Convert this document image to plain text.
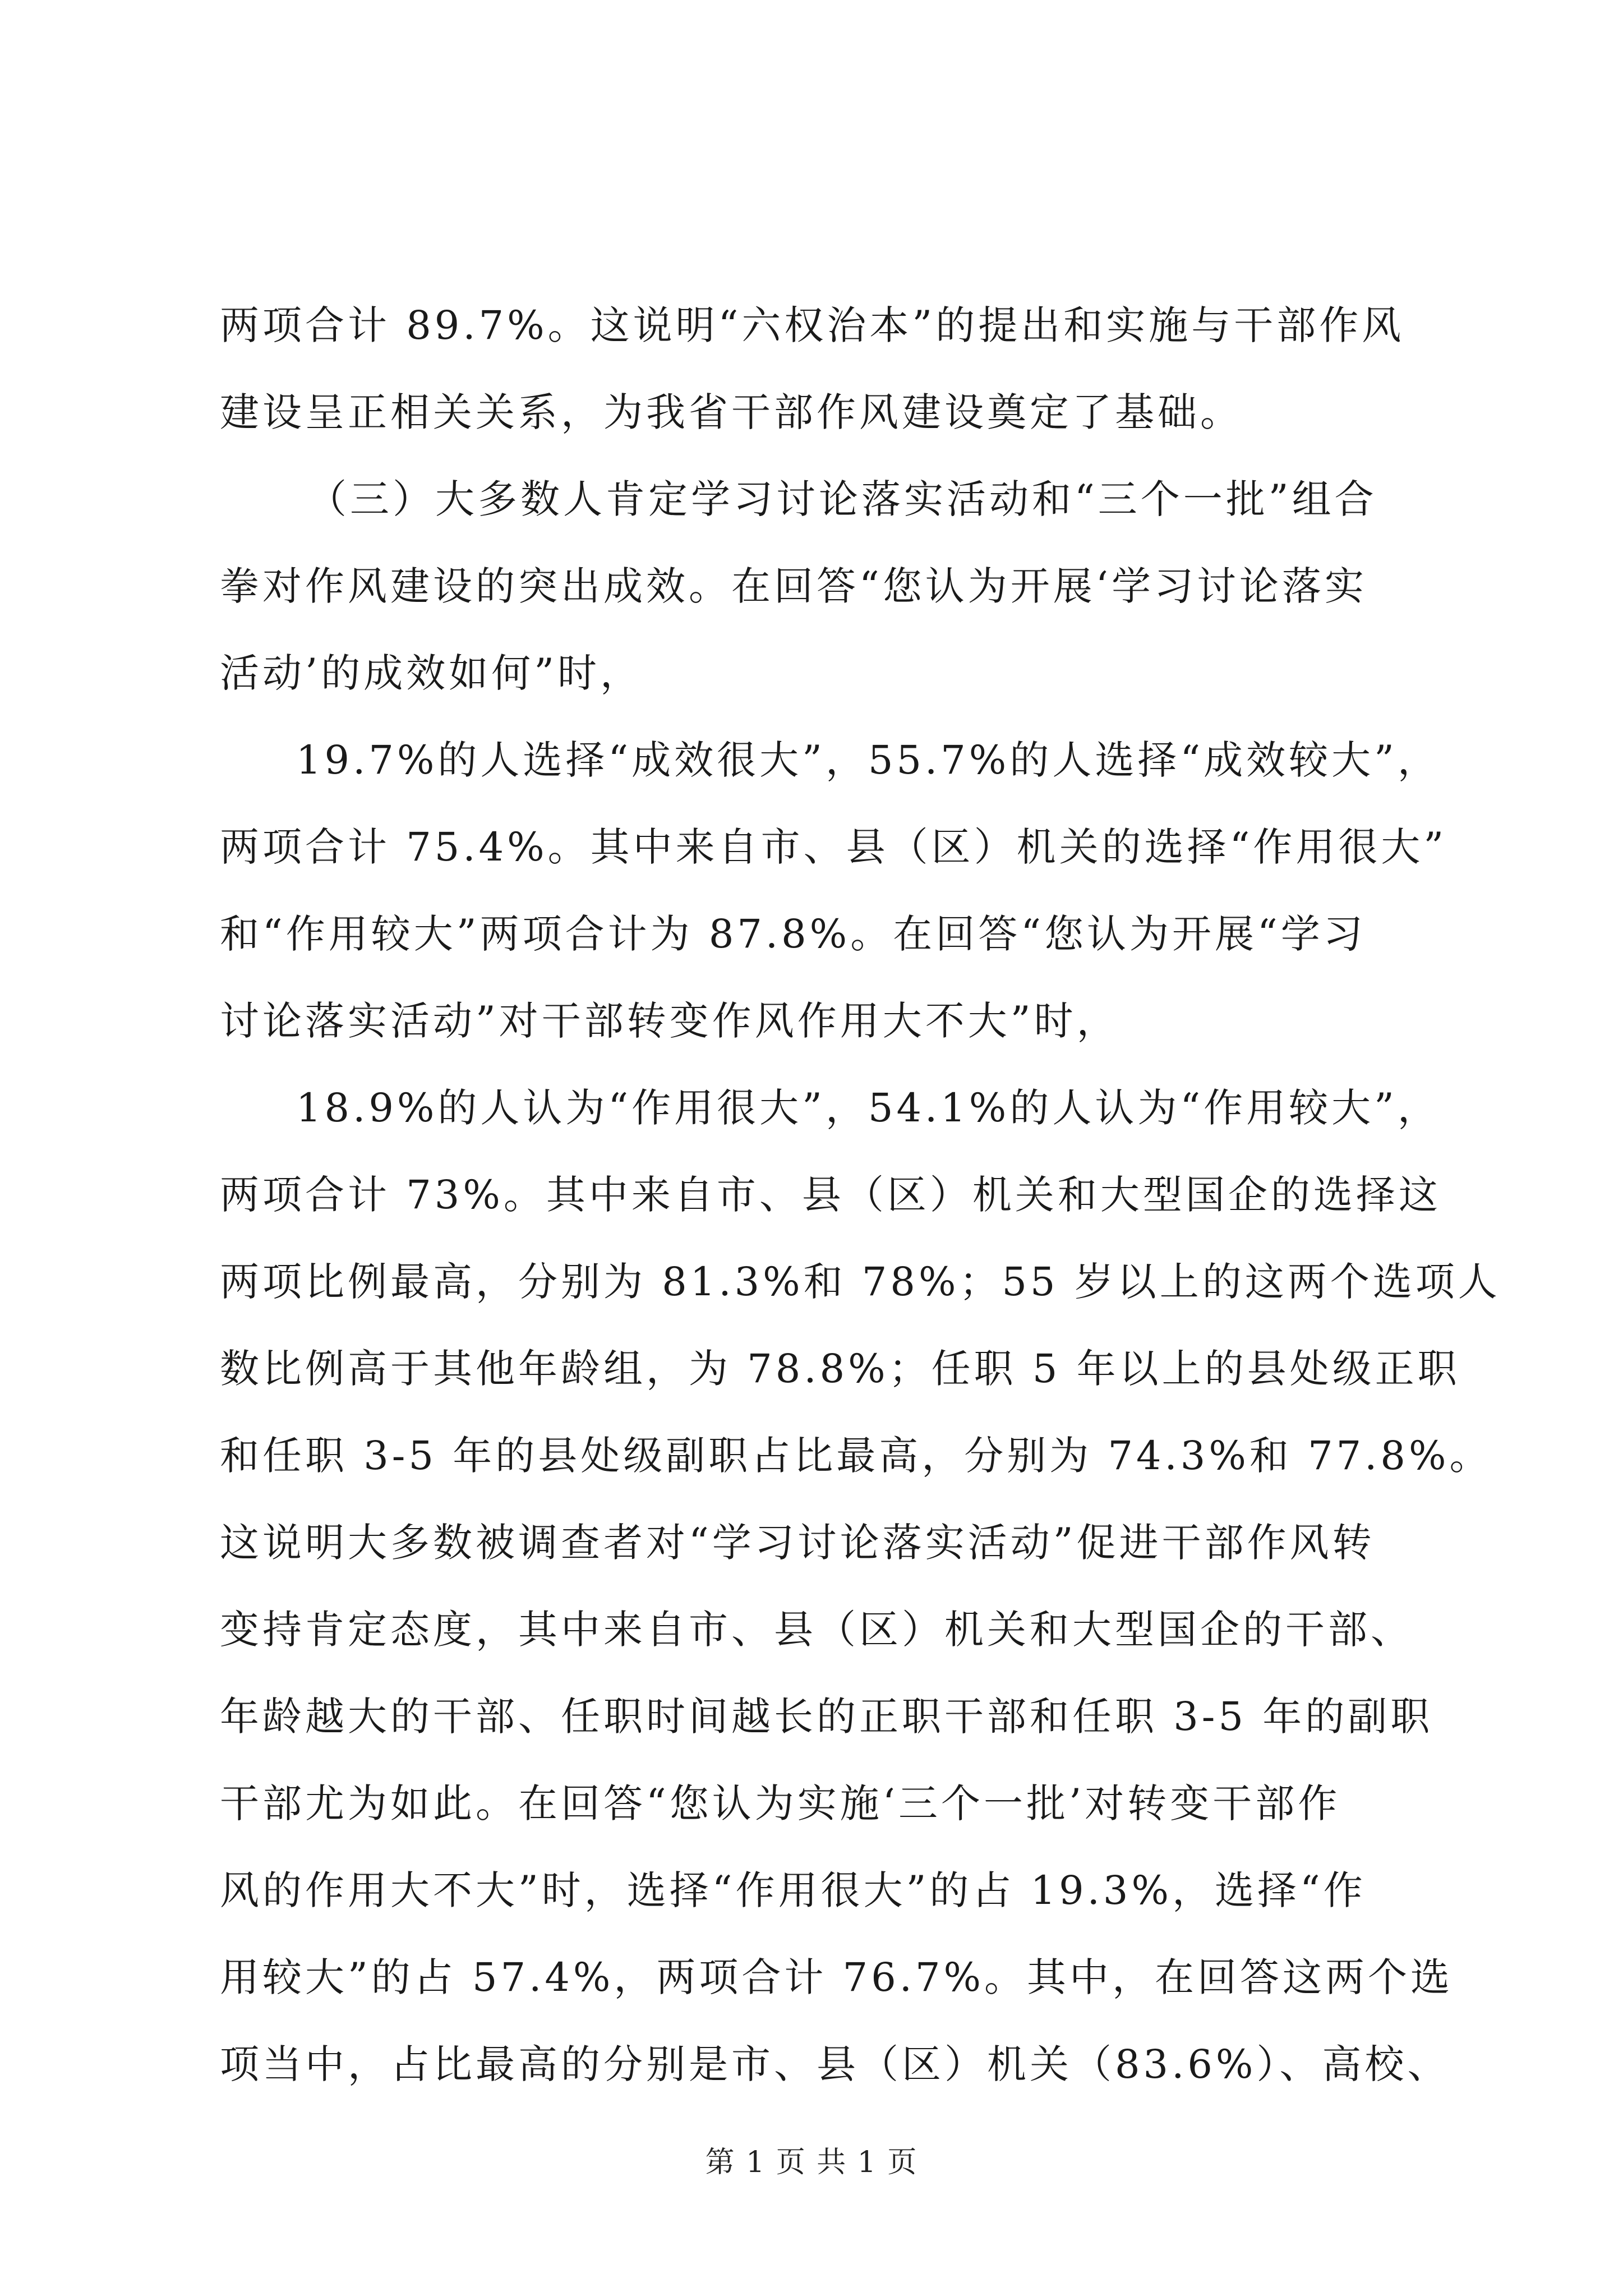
两项合计 89.7%。这说明“六权治本”的提出和实施与干部作风
建设呈正相关关系，为我省干部作风建设奠定了基础。
（三）大多数人肯定学习讨论落实活动和“三个一批”组合
拳对作风建设的突出成效。在回答“您认为开展‘学习讨论落实
活动’的成效如何”时，
19.7%的人选择“成效很大”，55.7%的人选择“成效较大”，
两项合计 75.4%。其中来自市、县（区）机关的选择“作用很大”
和“作用较大”两项合计为 87.8%。在回答“您认为开展“学习
讨论落实活动”对干部转变作风作用大不大”时，
18.9%的人认为“作用很大”，54.1%的人认为“作用较大”，
两项合计 73%。其中来自市、县（区）机关和大型国企的选择这
两项比例最高，分别为 81.3%和 78%；55 岁以上的这两个选项人
数比例高于其他年龄组，为 78.8%；任职 5 年以上的县处级正职
和任职 3-5 年的县处级副职占比最高，分别为 74.3%和 77.8%。
这说明大多数被调查者对“学习讨论落实活动”促进干部作风转
变持肯定态度，其中来自市、县（区）机关和大型国企的干部、
年龄越大的干部、任职时间越长的正职干部和任职 3-5 年的副职
干部尤为如此。在回答“您认为实施‘三个一批’对转变干部作
风的作用大不大”时，选择“作用很大”的占 19.3%，选择“作
用较大”的占 57.4%，两项合计 76.7%。其中，在回答这两个选
项当中，占比最高的分别是市、县（区）机关（83.6%）、高校、
第 1 页 共 1 页
